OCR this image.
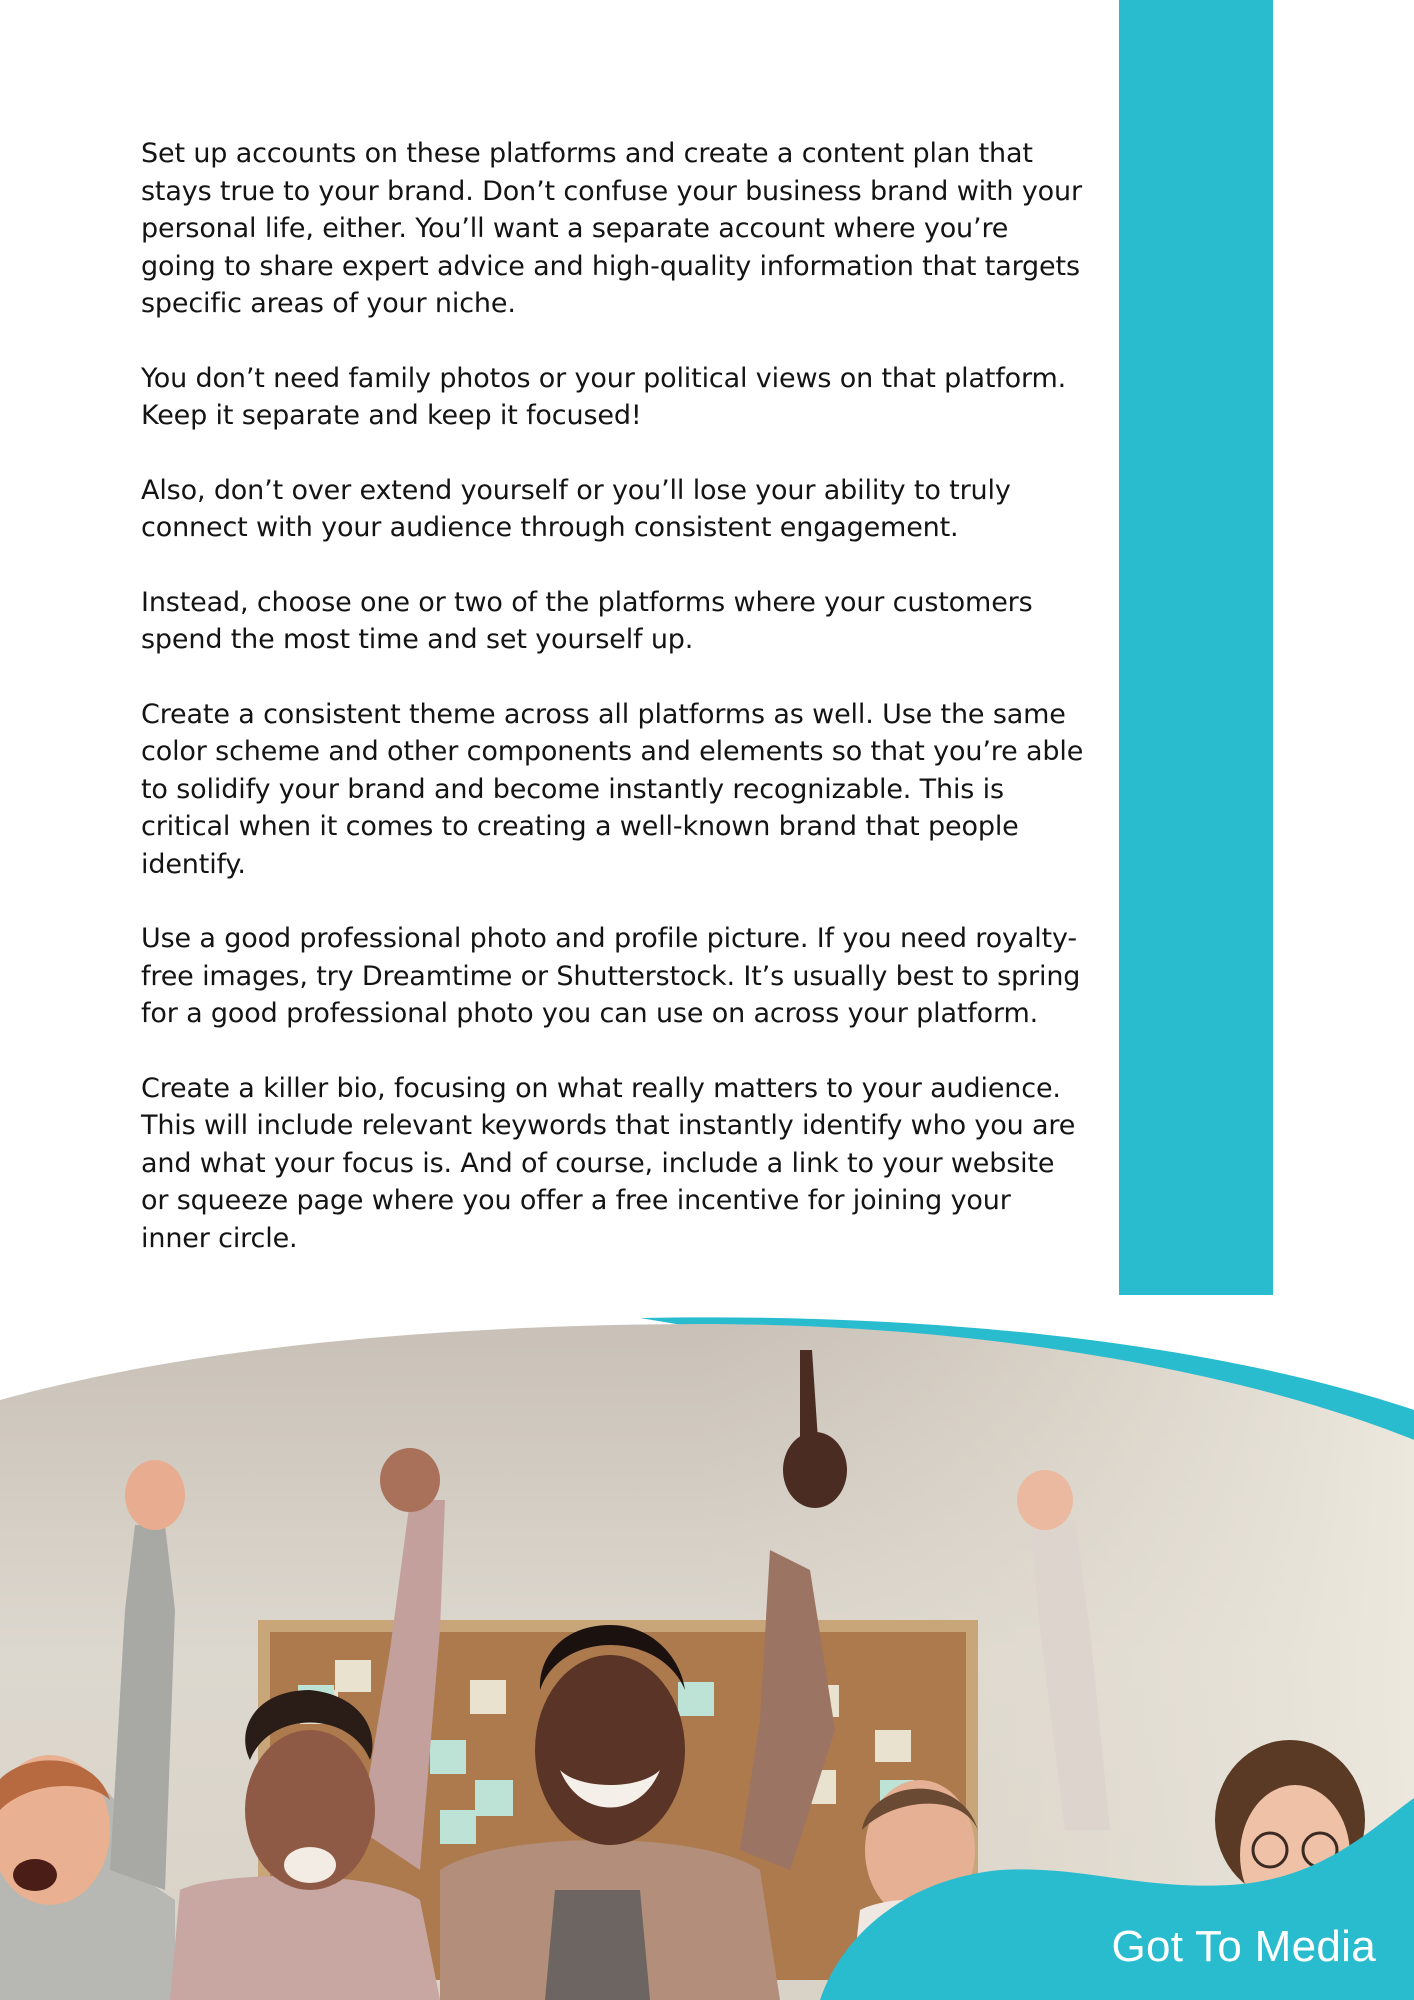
Set up accounts on these platforms and create a content plan that stays true to your brand. Don’t confuse your business brand with your personal life, either. You’ll want a separate account where you’re going to share expert advice and high-quality information that targets specific areas of your niche.

You don’t need family photos or your political views on that platform. Keep it separate and keep it focused!

Also, don’t over extend yourself or you’ll lose your ability to truly connect with your audience through consistent engagement.

Instead, choose one or two of the platforms where your customers spend the most time and set yourself up.

Create a consistent theme across all platforms as well. Use the same color scheme and other components and elements so that you’re able to solidify your brand and become instantly recognizable. This is critical when it comes to creating a well‐known brand that people identify.

Use a good professional photo and profile picture. If you need royalty-free images, try Dreamtime or Shutterstock. It’s usually best to spring for a good professional photo you can use on across your platform.

Create a killer bio, focusing on what really matters to your audience. This will include relevant keywords that instantly identify who you are and what your focus is. And of course, include a link to your website or squeeze page where you offer a free incentive for joining your inner circle.

Got To Media
